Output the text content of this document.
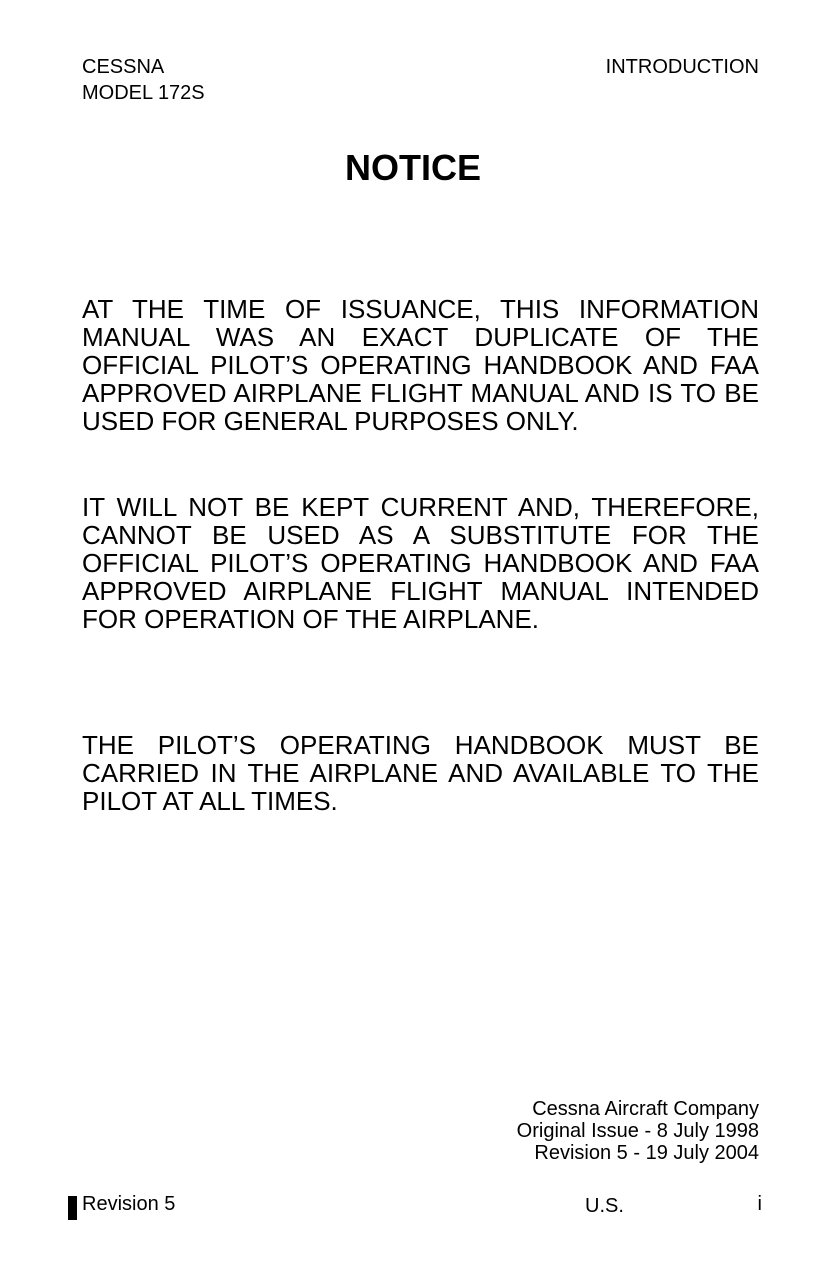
CESSNA
MODEL 172S
INTRODUCTION
NOTICE

AT THE TIME OF ISSUANCE, THIS INFORMATION MANUAL WAS AN EXACT DUPLICATE OF THE OFFICIAL PILOT’S OPERATING HANDBOOK AND FAA APPROVED AIRPLANE FLIGHT MANUAL AND IS TO BE USED FOR GENERAL PURPOSES ONLY.

IT WILL NOT BE KEPT CURRENT AND, THEREFORE, CANNOT BE USED AS A SUBSTITUTE FOR THE OFFICIAL PILOT’S OPERATING HANDBOOK AND FAA APPROVED AIRPLANE FLIGHT MANUAL INTENDED FOR OPERATION OF THE AIRPLANE.

THE PILOT’S OPERATING HANDBOOK MUST BE CARRIED IN THE AIRPLANE AND AVAILABLE TO THE PILOT AT ALL TIMES.

Cessna Aircraft Company
Original Issue - 8 July 1998
Revision 5 - 19 July 2004
Revision 5	U.S.	i
